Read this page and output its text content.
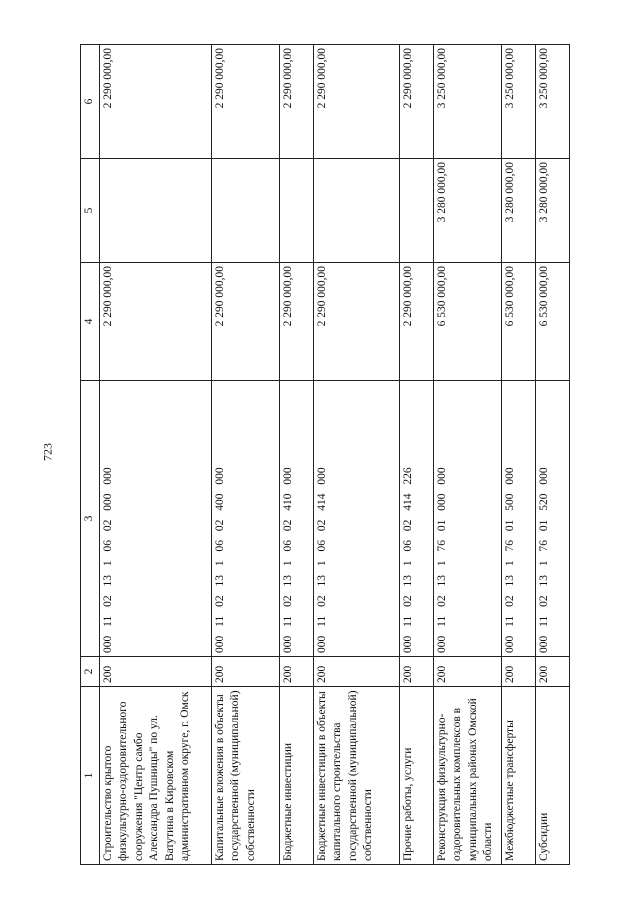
723
1	2	3	4	5	6
Строительство крытого физкультурно-оздоровительного сооружения "Центр самбо Александра Пушницы" по ул. Ватутина в Кировском административном округе, г. Омск	200	000 11 02 13 1 06 02 000 000	2 290 000,00		2 290 000,00
Капитальные вложения в объекты государственной (муниципальной) собственности	200	000 11 02 13 1 06 02 400 000	2 290 000,00		2 290 000,00
Бюджетные инвестиции	200	000 11 02 13 1 06 02 410 000	2 290 000,00		2 290 000,00
Бюджетные инвестиции в объекты капитального строительства государственной (муниципальной) собственности	200	000 11 02 13 1 06 02 414 000	2 290 000,00		2 290 000,00
Прочие работы, услуги	200	000 11 02 13 1 06 02 414 226	2 290 000,00		2 290 000,00
Реконструкция физкультурно-оздоровительных комплексов в муниципальных районах Омской области	200	000 11 02 13 1 76 01 000 000	6 530 000,00	3 280 000,00	3 250 000,00
Межбюджетные трансферты	200	000 11 02 13 1 76 01 500 000	6 530 000,00	3 280 000,00	3 250 000,00
Субсидии	200	000 11 02 13 1 76 01 520 000	6 530 000,00	3 280 000,00	3 250 000,00
